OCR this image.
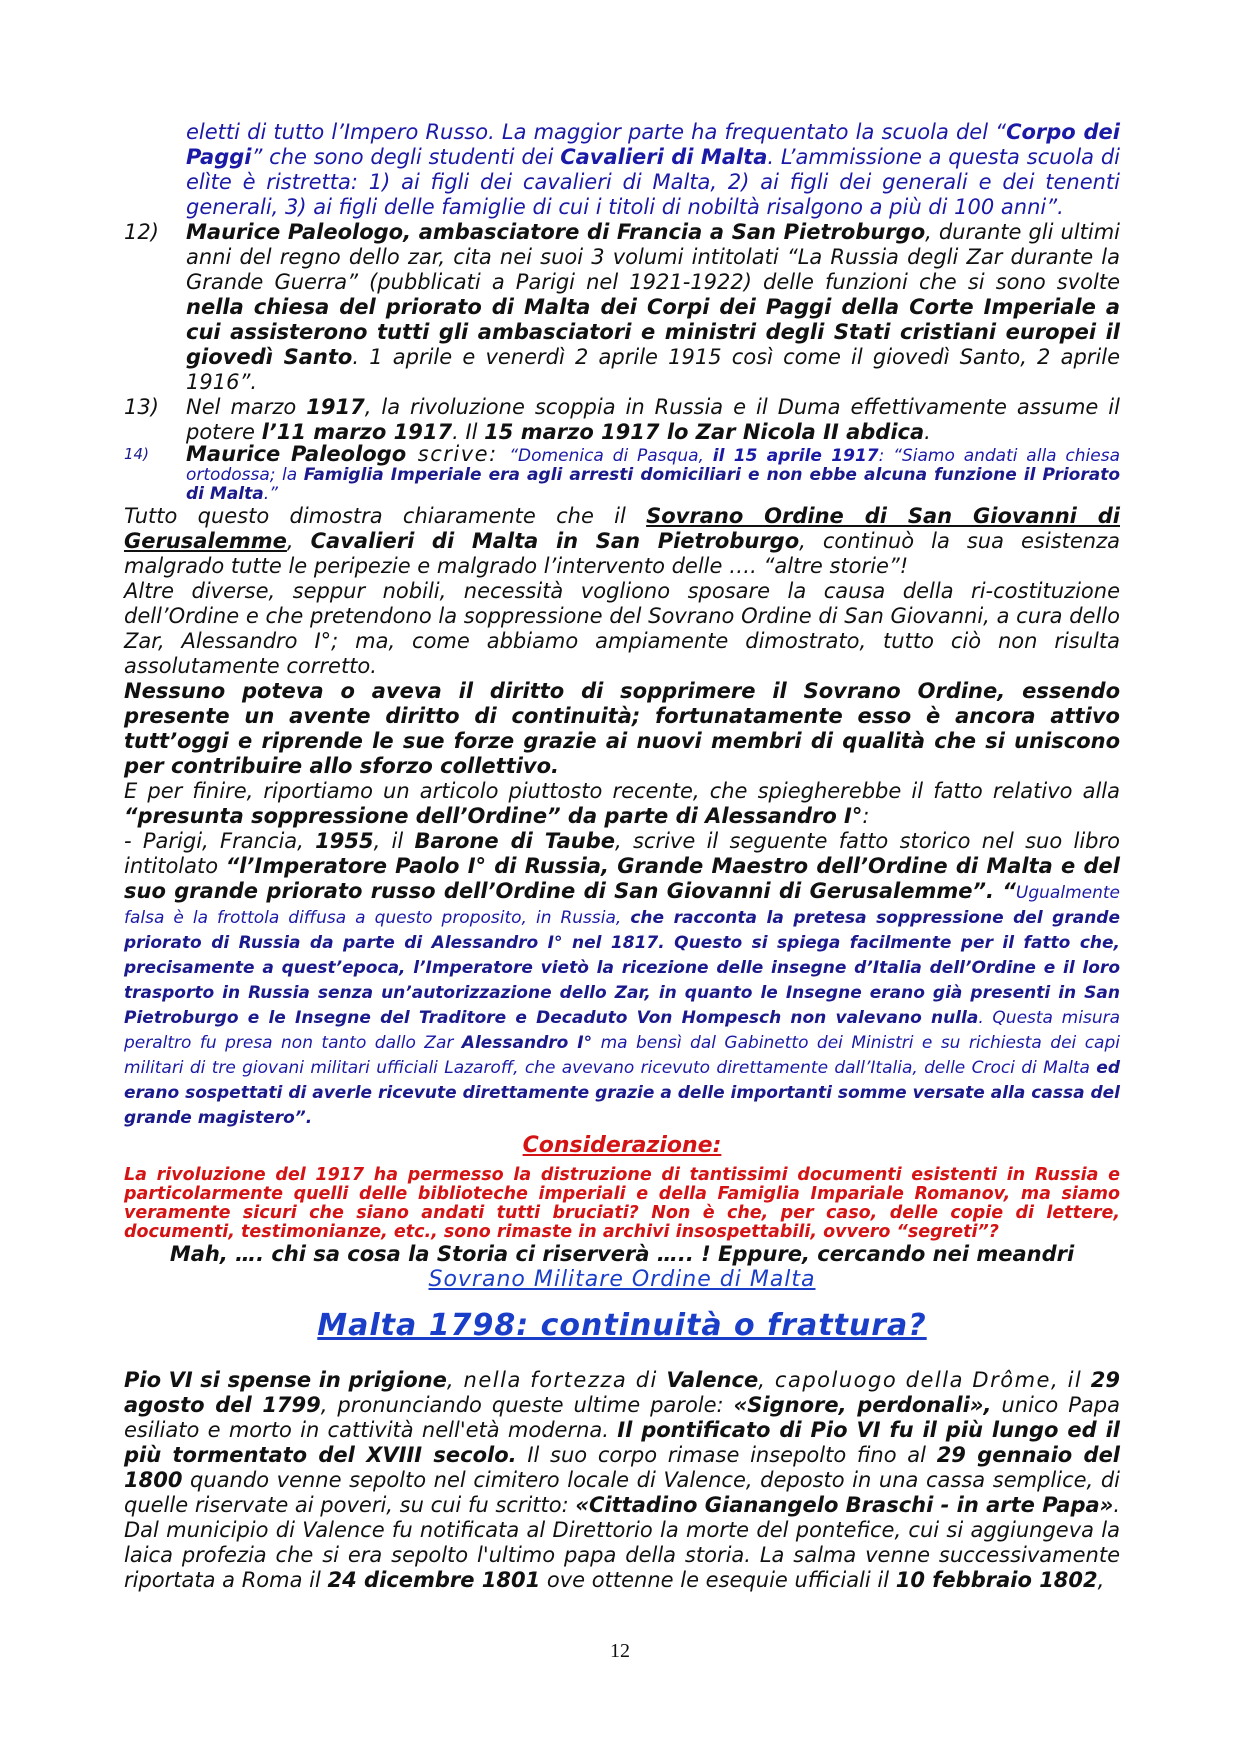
eletti di tutto l’Impero Russo. La maggior parte ha frequentato la scuola del “Corpo dei Paggi” che sono degli studenti dei Cavalieri di Malta. L’ammissione a questa scuola di elìte è ristretta: 1) ai figli dei cavalieri di Malta, 2) ai figli dei generali e dei tenenti generali, 3) ai figli delle famiglie di cui i titoli di nobiltà risalgono a più di 100 anni”.

12) Maurice Paleologo, ambasciatore di Francia a San Pietroburgo, durante gli ultimi anni del regno dello zar, cita nei suoi 3 volumi intitolati “La Russia degli Zar durante la Grande Guerra” (pubblicati a Parigi nel 1921-1922) delle funzioni che si sono svolte nella chiesa del priorato di Malta dei Corpi dei Paggi della Corte Imperiale a cui assisterono tutti gli ambasciatori e ministri degli Stati cristiani europei il giovedì Santo. 1 aprile e venerdì 2 aprile 1915 così come il giovedì Santo, 2 aprile 1916”.

13) Nel marzo 1917, la rivoluzione scoppia in Russia e il Duma effettivamente assume il potere l’11 marzo 1917. Il 15 marzo 1917 lo Zar Nicola II abdica.

14) Maurice Paleologo scrive: “Domenica di Pasqua, il 15 aprile 1917: “Siamo andati alla chiesa ortodossa; la Famiglia Imperiale era agli arresti domiciliari e non ebbe alcuna funzione il Priorato di Malta.”

Tutto questo dimostra chiaramente che il Sovrano Ordine di San Giovanni di Gerusalemme, Cavalieri di Malta in San Pietroburgo, continuò la sua esistenza malgrado tutte le peripezie e malgrado l’intervento delle …. “altre storie”!

Altre diverse, seppur nobili, necessità vogliono sposare la causa della ri-costituzione dell’Ordine e che pretendono la soppressione del Sovrano Ordine di San Giovanni, a cura dello Zar, Alessandro I°; ma, come abbiamo ampiamente dimostrato, tutto ciò non risulta assolutamente corretto.

Nessuno poteva o aveva il diritto di sopprimere il Sovrano Ordine, essendo presente un avente diritto di continuità; fortunatamente esso è ancora attivo tutt’oggi e riprende le sue forze grazie ai nuovi membri di qualità che si uniscono per contribuire allo sforzo collettivo.

E per finire, riportiamo un articolo piuttosto recente, che spiegherebbe il fatto relativo alla “presunta soppressione dell’Ordine” da parte di Alessandro I°:

- Parigi, Francia, 1955, il Barone di Taube, scrive il seguente fatto storico nel suo libro intitolato “l’Imperatore Paolo I° di Russia, Grande Maestro dell’Ordine di Malta e del suo grande priorato russo dell’Ordine di San Giovanni di Gerusalemme”. “Ugualmente falsa è la frottola diffusa a questo proposito, in Russia, che racconta la pretesa soppressione del grande priorato di Russia da parte di Alessandro I° nel 1817. Questo si spiega facilmente per il fatto che, precisamente a quest’epoca, l’Imperatore vietò la ricezione delle insegne d’Italia dell’Ordine e il loro trasporto in Russia senza un’autorizzazione dello Zar, in quanto le Insegne erano già presenti in San Pietroburgo e le Insegne del Traditore e Decaduto Von Hompesch non valevano nulla. Questa misura peraltro fu presa non tanto dallo Zar Alessandro I° ma bensì dal Gabinetto dei Ministri e su richiesta dei capi militari di tre giovani militari ufficiali Lazaroff, che avevano ricevuto direttamente dall’Italia, delle Croci di Malta ed erano sospettati di averle ricevute direttamente grazie a delle importanti somme versate alla cassa del grande magistero”.

Considerazione:

La rivoluzione del 1917 ha permesso la distruzione di tantissimi documenti esistenti in Russia e particolarmente quelli delle biblioteche imperiali e della Famiglia Impariale Romanov, ma siamo veramente sicuri che siano andati tutti bruciati? Non è che, per caso, delle copie di lettere, documenti, testimonianze, etc., sono rimaste in archivi insospettabili, ovvero “segreti”?

Mah, …. chi sa cosa la Storia ci riserverà ….. ! Eppure, cercando nei meandri

Sovrano Militare Ordine di Malta

Malta 1798: continuità o frattura?

Pio VI si spense in prigione, nella fortezza di Valence, capoluogo della Drôme, il 29 agosto del 1799, pronunciando queste ultime parole: «Signore, perdonali», unico Papa esiliato e morto in cattività nell'età moderna. Il pontificato di Pio VI fu il più lungo ed il più tormentato del XVIII secolo. Il suo corpo rimase insepolto fino al 29 gennaio del 1800 quando venne sepolto nel cimitero locale di Valence, deposto in una cassa semplice, di quelle riservate ai poveri, su cui fu scritto: «Cittadino Gianangelo Braschi - in arte Papa». Dal municipio di Valence fu notificata al Direttorio la morte del pontefice, cui si aggiungeva la laica profezia che si era sepolto l'ultimo papa della storia. La salma venne successivamente riportata a Roma il 24 dicembre 1801 ove ottenne le esequie ufficiali il 10 febbraio 1802,

12
